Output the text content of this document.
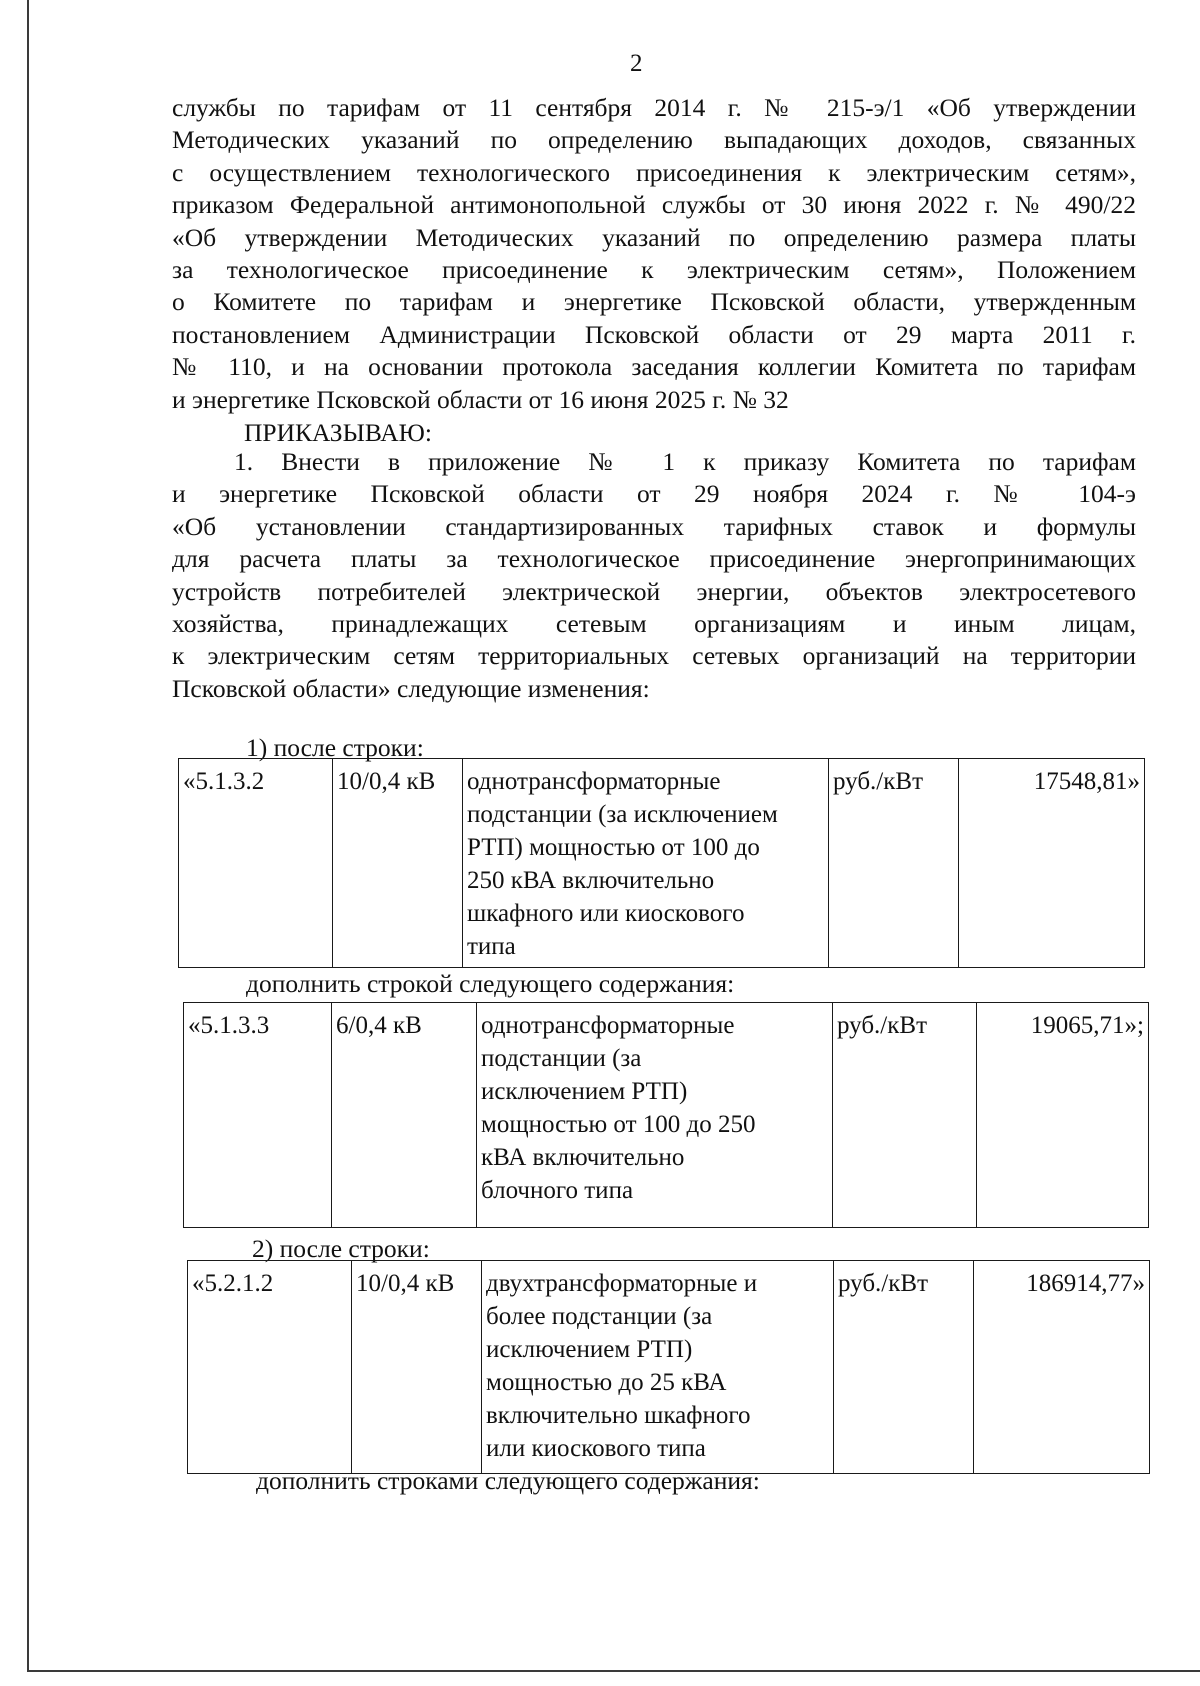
2
службы по тарифам от 11 сентября 2014 г. № 215-э/1 «Об утверждении
Методических указаний по определению выпадающих доходов, связанных
с осуществлением технологического присоединения к электрическим сетям»,
приказом Федеральной антимонопольной службы от 30 июня 2022 г. № 490/22
«Об утверждении Методических указаний по определению размера платы
за технологическое присоединение к электрическим сетям», Положением
о Комитете по тарифам и энергетике Псковской области, утвержденным
постановлением Администрации Псковской области от 29 марта 2011 г.
№ 110, и на основании протокола заседания коллегии Комитета по тарифам
и энергетике Псковской области от 16 июня 2025 г. № 32
ПРИКАЗЫВАЮ:
1. Внести в приложение № 1 к приказу Комитета по тарифам
и энергетике Псковской области от 29 ноября 2024 г. № 104-э
«Об установлении стандартизированных тарифных ставок и формулы
для расчета платы за технологическое присоединение энергопринимающих
устройств потребителей электрической энергии, объектов электросетевого
хозяйства, принадлежащих сетевым организациям и иным лицам,
к электрическим сетям территориальных сетевых организаций на территории
Псковской области» следующие изменения:
1) после строки:
«5.1.3.2	10/0,4 кВ	однотрансформаторные
подстанции (за исключением
РТП) мощностью от 100 до
250 кВА включительно
шкафного или киоскового
типа	руб./кВт	17548,81»
дополнить строкой следующего содержания:
«5.1.3.3	6/0,4 кВ	однотрансформаторные
подстанции (за
исключением РТП)
мощностью от 100 до 250
кВА включительно
блочного типа	руб./кВт	19065,71»;
2) после строки:
«5.2.1.2	10/0,4 кВ	двухтрансформаторные и
более подстанции (за
исключением РТП)
мощностью до 25 кВА
включительно шкафного
или киоскового типа	руб./кВт	186914,77»
дополнить строками следующего содержания:
